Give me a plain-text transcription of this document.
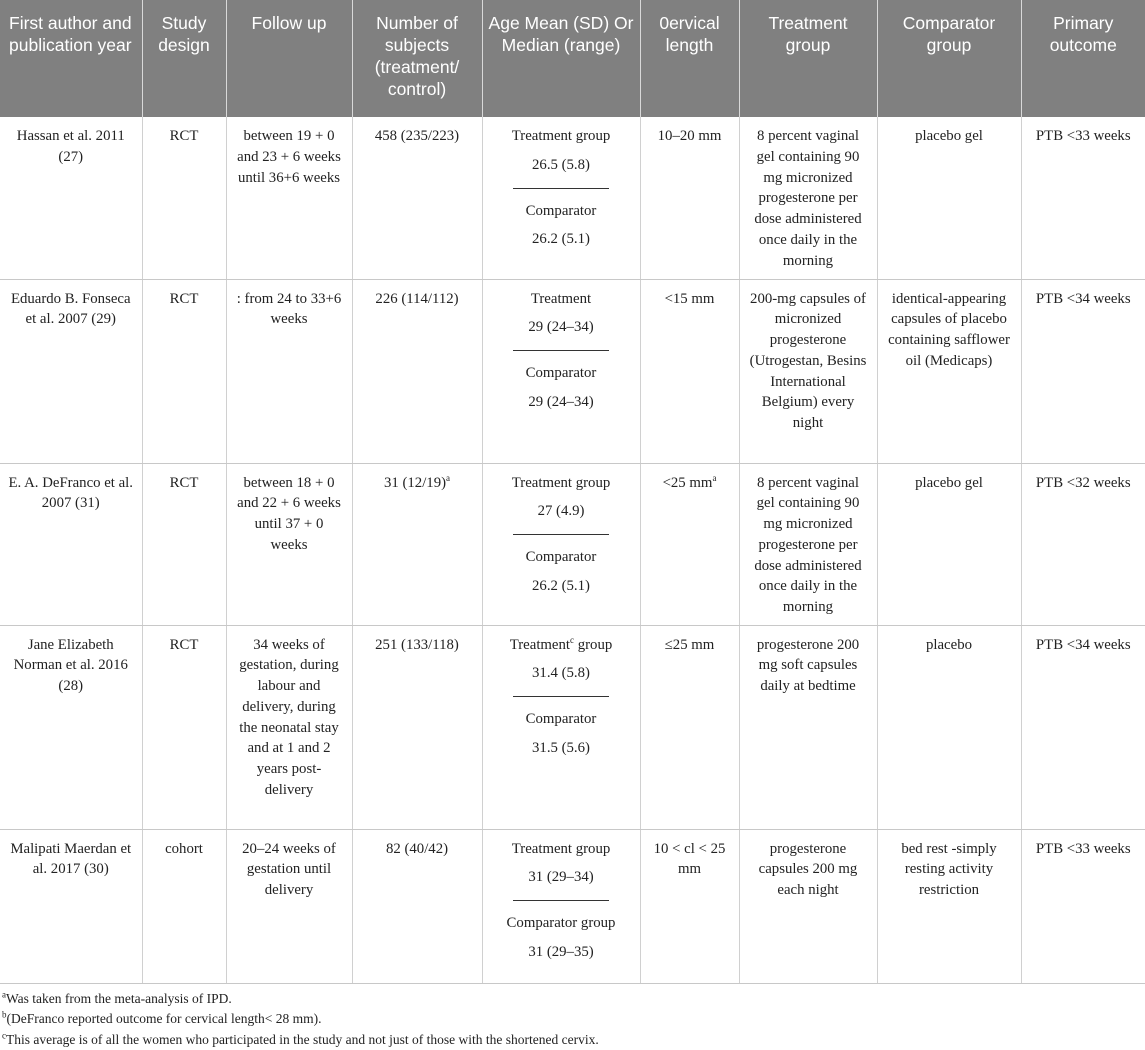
First author and publication year	Study design	Follow up	Number of subjects (treatment/ control)	Age Mean (SD) Or Median (range)	0ervical length	Treatment group	Comparator group	Primary outcome
Hassan et al. 2011 (27)	RCT	between 19 + 0 and 23 + 6 weeks until 36+6 weeks	458 (235/223)	Treatment group

26.5 (5.8)

Comparator

26.2 (5.1)	10–20 mm	8 percent vaginal gel containing 90 mg micronized progesterone per dose administered once daily in the morning	placebo gel	PTB <33 weeks
Eduardo B. Fonseca et al. 2007 (29)	RCT	: from 24 to 33+6 weeks	226 (114/112)	Treatment

29 (24–34)

Comparator

29 (24–34)	<15 mm	200-mg capsules of micronized progesterone (Utrogestan, Besins International Belgium) every night	identical-appearing capsules of placebo containing safflower oil (Medicaps)	PTB <34 weeks
E. A. DeFranco et al. 2007 (31)	RCT	between 18 + 0 and 22 + 6 weeks until 37 + 0 weeks	31 $(12/19)^a$	Treatment group

27 (4.9)

Comparator

26.2 (5.1)	<25 $mm^a$	8 percent vaginal gel containing 90 mg micronized progesterone per dose administered once daily in the morning	placebo gel	PTB <32 weeks
Jane Elizabeth Norman et al. 2016 (28)	RCT	34 weeks of gestation, during labour and delivery, during the neonatal stay and at 1 and 2 years post-delivery	251 (133/118)	Treatment$^c$ group

31.4 (5.8)

Comparator

31.5 (5.6)	≤25 mm	progesterone 200 mg soft capsules daily at bedtime	placebo	PTB <34 weeks
Malipati Maerdan et al. 2017 (30)	cohort	20–24 weeks of gestation until delivery	82 (40/42)	Treatment group

31 (29–34)

Comparator group

31 (29–35)	10 < cl < 25 mm	progesterone capsules 200 mg each night	bed rest -simply resting activity restriction	PTB <33 weeks

$^a$Was taken from the meta-analysis of IPD.

$^b$(DeFranco reported outcome for cervical length< 28 mm).

$^c$This average is of all the women who participated in the study and not just of those with the shortened cervix.
